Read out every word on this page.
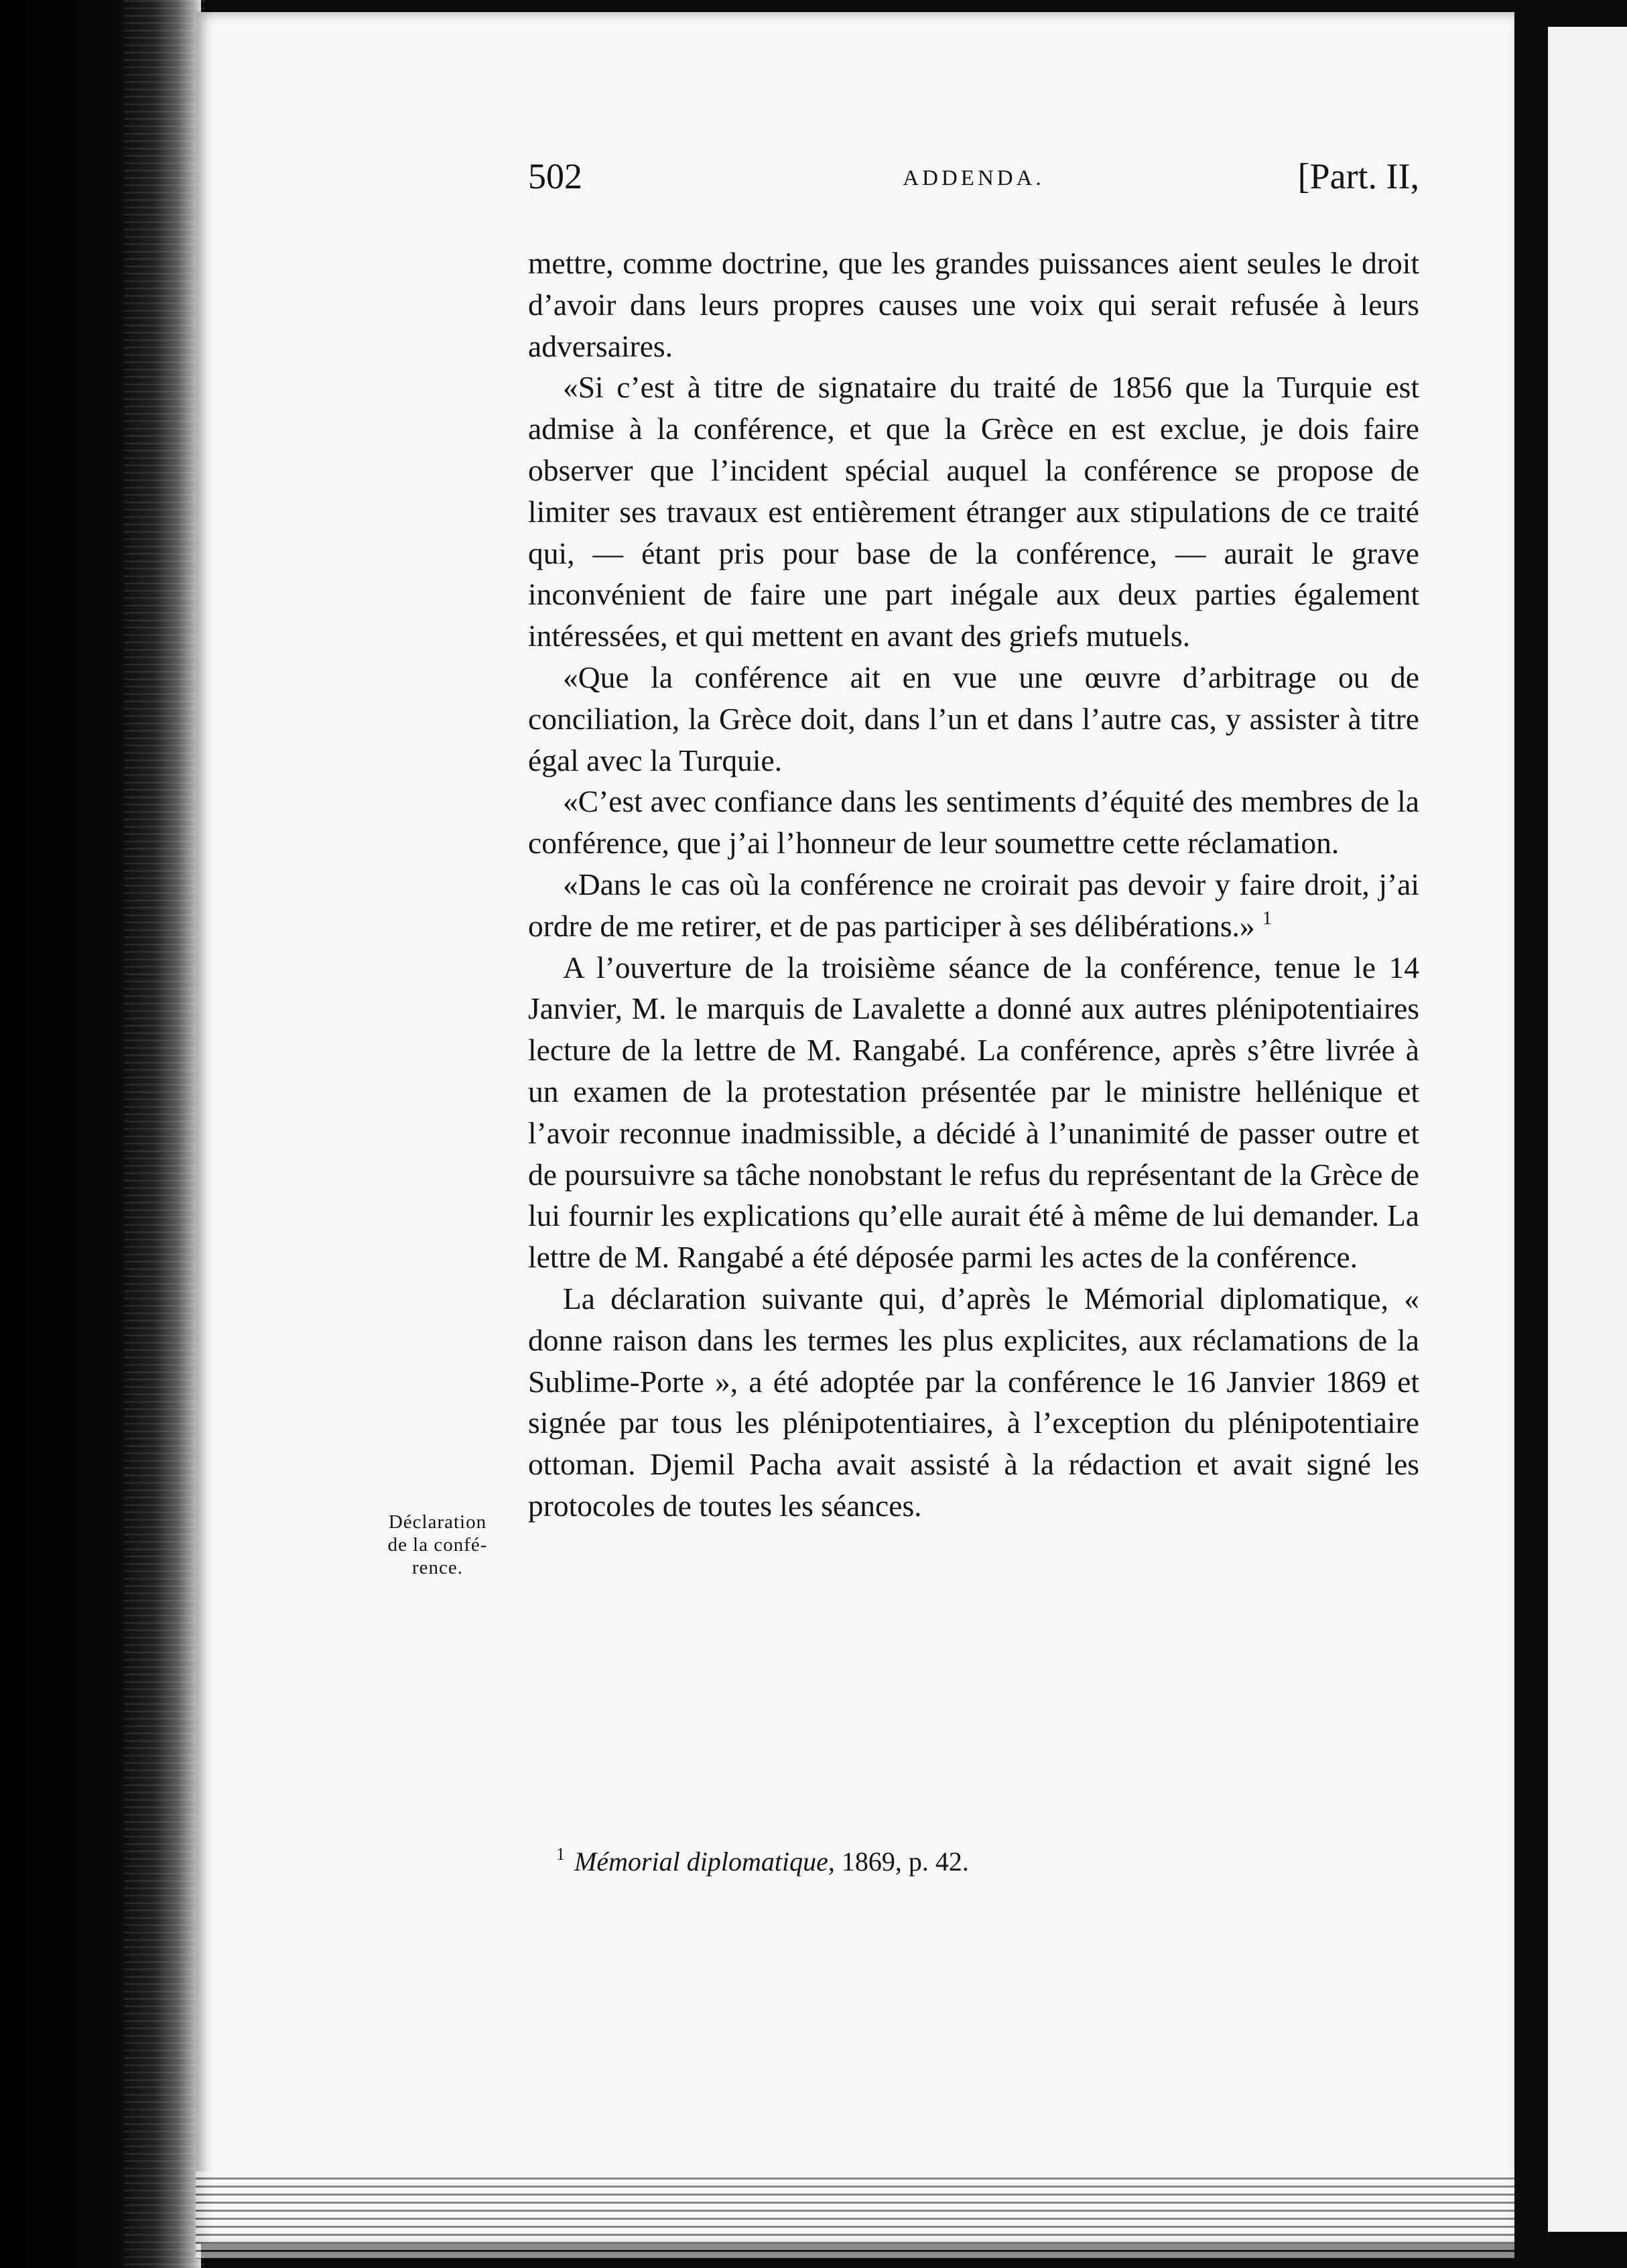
502	ADDENDA.	[Part. II,

mettre, comme doctrine, que les grandes puissances aient seules le droit d’avoir dans leurs propres causes une voix qui serait refusée à leurs adversaires.

«Si c’est à titre de signataire du traité de 1856 que la Turquie est admise à la conférence, et que la Grèce en est exclue, je dois faire observer que l’incident spécial auquel la conférence se propose de limiter ses travaux est entièrement étranger aux stipulations de ce traité qui, — étant pris pour base de la conférence, — aurait le grave inconvénient de faire une part inégale aux deux parties également intéressées, et qui mettent en avant des griefs mutuels.

«Que la conférence ait en vue une œuvre d’arbitrage ou de conciliation, la Grèce doit, dans l’un et dans l’autre cas, y assister à titre égal avec la Turquie.

«C’est avec confiance dans les sentiments d’équité des membres de la conférence, que j’ai l’honneur de leur soumettre cette réclamation.

«Dans le cas où la conférence ne croirait pas devoir y faire droit, j’ai ordre de me retirer, et de pas participer à ses délibérations.» $^1$

A l’ouverture de la troisième séance de la conférence, tenue le 14 Janvier, M. le marquis de Lavalette a donné aux autres plénipotentiaires lecture de la lettre de M. Rangabé. La conférence, après s’être livrée à un examen de la protestation présentée par le ministre hellénique et l’avoir reconnue inadmissible, a décidé à l’unanimité de passer outre et de poursuivre sa tâche nonobstant le refus du représentant de la Grèce de lui fournir les explications qu’elle aurait été à même de lui demander. La lettre de M. Rangabé a été déposée parmi les actes de la conférence.

La déclaration suivante qui, d’après le Mémorial diplomatique, « donne raison dans les termes les plus explicites, aux réclamations de la Sublime-Porte », a été adoptée par la conférence le 16 Janvier 1869 et signée par tous les plénipotentiaires, à l’exception du plénipotentiaire ottoman. Djemil Pacha avait assisté à la rédaction et avait signé les protocoles de toutes les séances.

Déclaration
de la confé-
rence.
$^1$ Mémorial diplomatique, 1869, p. 42.
